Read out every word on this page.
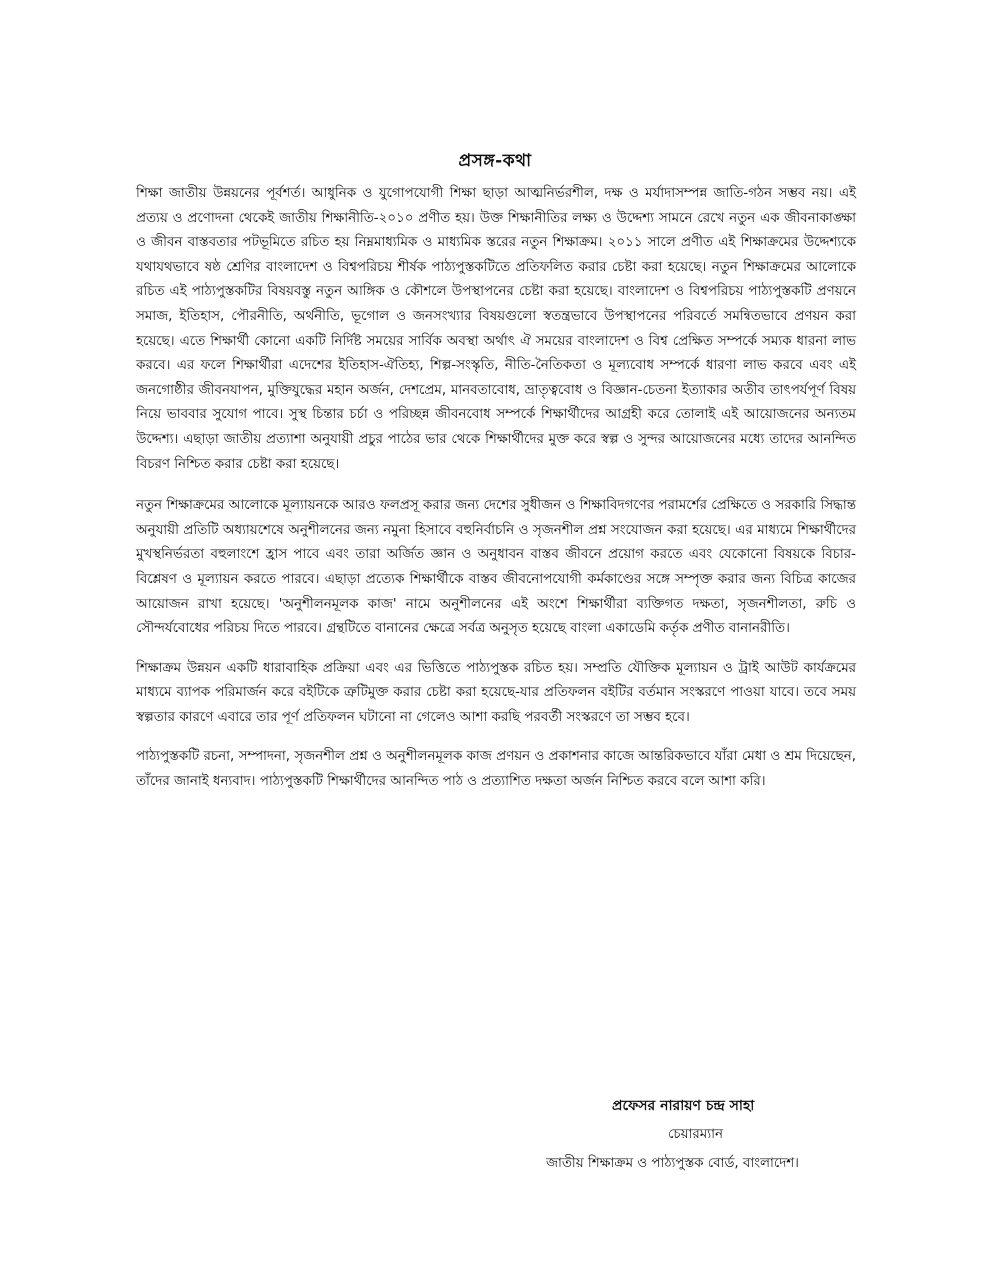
প্রসঙ্গ-কথা

শিক্ষা জাতীয় উন্নয়নের পূর্বশর্ত। আধুনিক ও যুগোপযোগী শিক্ষা ছাড়া আত্মনির্ভরশীল, দক্ষ ও মর্যাদাসম্পন্ন জাতি-গঠন সম্ভব নয়। এই প্রত্যয় ও প্রণোদনা থেকেই জাতীয় শিক্ষানীতি-২০১০ প্রণীত হয়। উক্ত শিক্ষানীতির লক্ষ্য ও উদ্দেশ্য সামনে রেখে নতুন এক জীবনাকাঙ্ক্ষা ও জীবন বাস্তবতার পটভূমিতে রচিত হয় নিম্নমাধ্যমিক ও মাধ্যমিক স্তরের নতুন শিক্ষাক্রম। ২০১১ সালে প্রণীত এই শিক্ষাক্রমের উদ্দেশ্যকে যথাযথভাবে ষষ্ঠ শ্রেণির বাংলাদেশ ও বিশ্বপরিচয় শীর্ষক পাঠ্যপুস্তকটিতে প্রতিফলিত করার চেষ্টা করা হয়েছে। নতুন শিক্ষাক্রমের আলোকে রচিত এই পাঠ্যপুস্তকটির বিষয়বস্তু নতুন আঙ্গিক ও কৌশলে উপস্থাপনের চেষ্টা করা হয়েছে। বাংলাদেশ ও বিশ্বপরিচয় পাঠ্যপুস্তকটি প্রণয়নে সমাজ, ইতিহাস, পৌরনীতি, অর্থনীতি, ভূগোল ও জনসংখ্যার বিষয়গুলো স্বতন্ত্রভাবে উপস্থাপনের পরিবর্তে সমন্বিতভাবে প্রণয়ন করা হয়েছে। এতে শিক্ষার্থী কোনো একটি নির্দিষ্ট সময়ের সার্বিক অবস্থা অর্থাৎ ঐ সময়ের বাংলাদেশ ও বিশ্ব প্রেক্ষিত সম্পর্কে সম্যক ধারনা লাভ করবে। এর ফলে শিক্ষার্থীরা এদেশের ইতিহাস-ঐতিহ্য, শিল্প-সংস্কৃতি, নীতি-নৈতিকতা ও মূল্যবোধ সম্পর্কে ধারণা লাভ করবে এবং এই জনগোষ্ঠীর জীবনযাপন, মুক্তিযুদ্ধের মহান অর্জন, দেশপ্রেম, মানবতাবোধ, ভ্রাতৃত্ববোধ ও বিজ্ঞান-চেতনা ইত্যাকার অতীব তাৎপর্যপূর্ণ বিষয় নিয়ে ভাববার সুযোগ পাবে। সুস্থ চিন্তার চর্চা ও পরিচ্ছন্ন জীবনবোধ সম্পর্কে শিক্ষার্থীদের আগ্রহী করে তোলাই এই আয়োজনের অন্যতম উদ্দেশ্য। এছাড়া জাতীয় প্রত্যাশা অনুযায়ী প্রচুর পাঠের ভার থেকে শিক্ষার্থীদের মুক্ত করে স্বল্প ও সুন্দর আয়োজনের মধ্যে তাদের আনন্দিত বিচরণ নিশ্চিত করার চেষ্টা করা হয়েছে।

নতুন শিক্ষাক্রমের আলোকে মূল্যায়নকে আরও ফলপ্রসূ করার জন্য দেশের সুধীজন ও শিক্ষাবিদগণের পরামর্শের প্রেক্ষিতে ও সরকারি সিদ্ধান্ত অনুযায়ী প্রতিটি অধ্যায়শেষে অনুশীলনের জন্য নমুনা হিসাবে বহুনির্বাচনি ও সৃজনশীল প্রশ্ন সংযোজন করা হয়েছে। এর মাধ্যমে শিক্ষার্থীদের মুখস্থনির্ভরতা বহুলাংশে হ্রাস পাবে এবং তারা অর্জিত জ্ঞান ও অনুধাবন বাস্তব জীবনে প্রয়োগ করতে এবং যেকোনো বিষয়কে বিচার-বিশ্লেষণ ও মূল্যায়ন করতে পারবে। এছাড়া প্রত্যেক শিক্ষার্থীকে বাস্তব জীবনোপযোগী কর্মকাণ্ডের সঙ্গে সম্পৃক্ত করার জন্য বিচিত্র কাজের আয়োজন রাখা হয়েছে। 'অনুশীলনমূলক কাজ' নামে অনুশীলনের এই অংশে শিক্ষার্থীরা ব্যক্তিগত দক্ষতা, সৃজনশীলতা, রুচি ও সৌন্দর্যবোধের পরিচয় দিতে পারবে। গ্রন্থটিতে বানানের ক্ষেত্রে সর্বত্র অনুসৃত হয়েছে বাংলা একাডেমি কর্তৃক প্রণীত বানানরীতি।

শিক্ষাক্রম উন্নয়ন একটি ধারাবাহিক প্রক্রিয়া এবং এর ভিত্তিতে পাঠ্যপুস্তক রচিত হয়। সম্প্রতি যৌক্তিক মূল্যায়ন ও ট্রাই আউট কার্যক্রমের মাধ্যমে ব্যাপক পরিমার্জন করে বইটিকে ত্রুটিমুক্ত করার চেষ্টা করা হয়েছে-যার প্রতিফলন বইটির বর্তমান সংস্করণে পাওয়া যাবে। তবে সময় স্বল্পতার কারণে এবারে তার পূর্ণ প্রতিফলন ঘটানো না গেলেও আশা করছি পরবর্তী সংস্করণে তা সম্ভব হবে।

পাঠ্যপুস্তকটি রচনা, সম্পাদনা, সৃজনশীল প্রশ্ন ও অনুশীলনমূলক কাজ প্রণয়ন ও প্রকাশনার কাজে আন্তরিকভাবে যাঁরা মেধা ও শ্রম দিয়েছেন, তাঁদের জানাই ধন্যবাদ। পাঠ্যপুস্তকটি শিক্ষার্থীদের আনন্দিত পাঠ ও প্রত্যাশিত দক্ষতা অর্জন নিশ্চিত করবে বলে আশা করি।

প্রফেসর নারায়ণ চন্দ্র সাহা
চেয়ারম্যান
জাতীয় শিক্ষাক্রম ও পাঠ্যপুস্তক বোর্ড, বাংলাদেশ।
